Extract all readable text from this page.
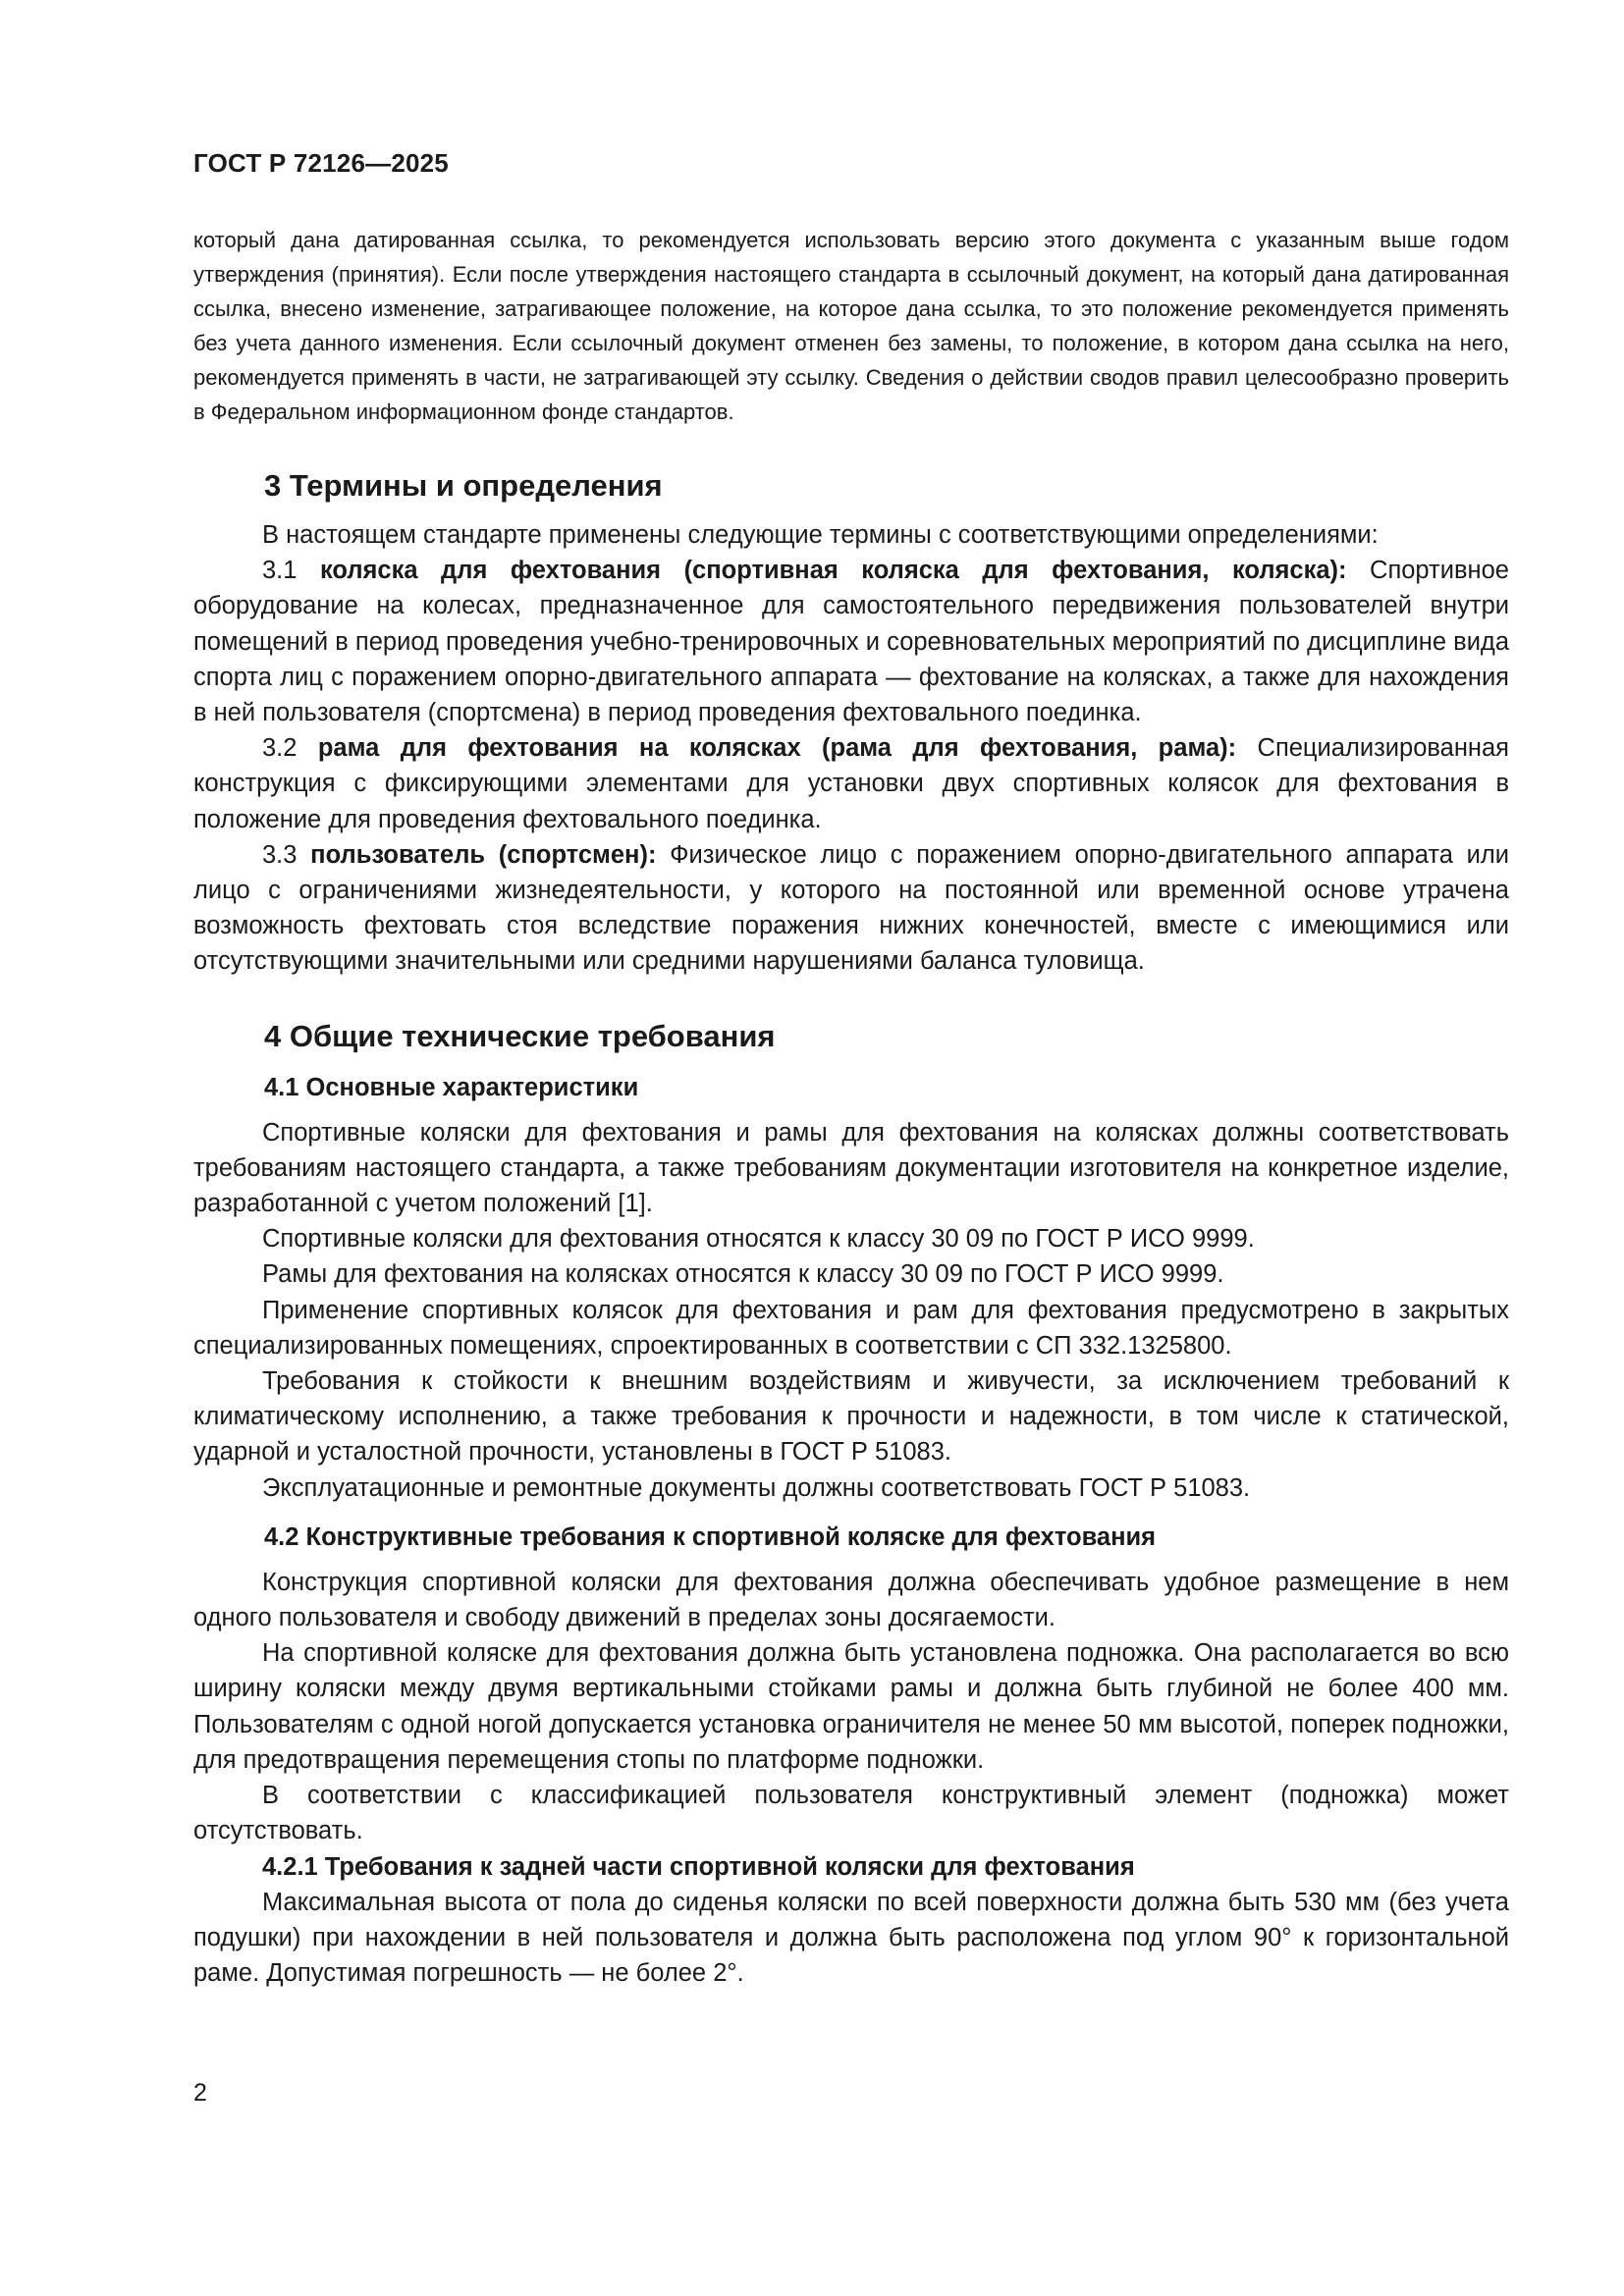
ГОСТ Р 72126—2025
который дана датированная ссылка, то рекомендуется использовать версию этого документа с указанным выше годом утверждения (принятия). Если после утверждения настоящего стандарта в ссылочный документ, на который дана датированная ссылка, внесено изменение, затрагивающее положение, на которое дана ссылка, то это положение рекомендуется применять без учета данного изменения. Если ссылочный документ отменен без замены, то положение, в котором дана ссылка на него, рекомендуется применять в части, не затрагивающей эту ссылку. Сведения о действии сводов правил целесообразно проверить в Федеральном информационном фонде стандартов.
3 Термины и определения

В настоящем стандарте применены следующие термины с соответствующими определениями:

3.1 коляска для фехтования (спортивная коляска для фехтования, коляска): Спортивное оборудование на колесах, предназначенное для самостоятельного передвижения пользователей внутри помещений в период проведения учебно-тренировочных и соревновательных мероприятий по дисциплине вида спорта лиц с поражением опорно-двигательного аппарата — фехтование на колясках, а также для нахождения в ней пользователя (спортсмена) в период проведения фехтовального поединка.

3.2 рама для фехтования на колясках (рама для фехтования, рама): Специализированная конструкция с фиксирующими элементами для установки двух спортивных колясок для фехтования в положение для проведения фехтовального поединка.

3.3 пользователь (спортсмен): Физическое лицо с поражением опорно-двигательного аппарата или лицо с ограничениями жизнедеятельности, у которого на постоянной или временной основе утрачена возможность фехтовать стоя вследствие поражения нижних конечностей, вместе с имеющимися или отсутствующими значительными или средними нарушениями баланса туловища.

4 Общие технические требования
4.1 Основные характеристики

Спортивные коляски для фехтования и рамы для фехтования на колясках должны соответствовать требованиям настоящего стандарта, а также требованиям документации изготовителя на конкретное изделие, разработанной с учетом положений [1].

Спортивные коляски для фехтования относятся к классу 30 09 по ГОСТ Р ИСО 9999.

Рамы для фехтования на колясках относятся к классу 30 09 по ГОСТ Р ИСО 9999.

Применение спортивных колясок для фехтования и рам для фехтования предусмотрено в закрытых специализированных помещениях, спроектированных в соответствии с СП 332.1325800.

Требования к стойкости к внешним воздействиям и живучести, за исключением требований к климатическому исполнению, а также требования к прочности и надежности, в том числе к статической, ударной и усталостной прочности, установлены в ГОСТ Р 51083.

Эксплуатационные и ремонтные документы должны соответствовать ГОСТ Р 51083.

4.2 Конструктивные требования к спортивной коляске для фехтования

Конструкция спортивной коляски для фехтования должна обеспечивать удобное размещение в нем одного пользователя и свободу движений в пределах зоны досягаемости.

На спортивной коляске для фехтования должна быть установлена подножка. Она располагается во всю ширину коляски между двумя вертикальными стойками рамы и должна быть глубиной не более 400 мм. Пользователям с одной ногой допускается установка ограничителя не менее 50 мм высотой, поперек подножки, для предотвращения перемещения стопы по платформе подножки.

В соответствии с классификацией пользователя конструктивный элемент (подножка) может отсутствовать.

4.2.1 Требования к задней части спортивной коляски для фехтования

Максимальная высота от пола до сиденья коляски по всей поверхности должна быть 530 мм (без учета подушки) при нахождении в ней пользователя и должна быть расположена под углом 90° к горизонтальной раме. Допустимая погрешность — не более 2°.

2
